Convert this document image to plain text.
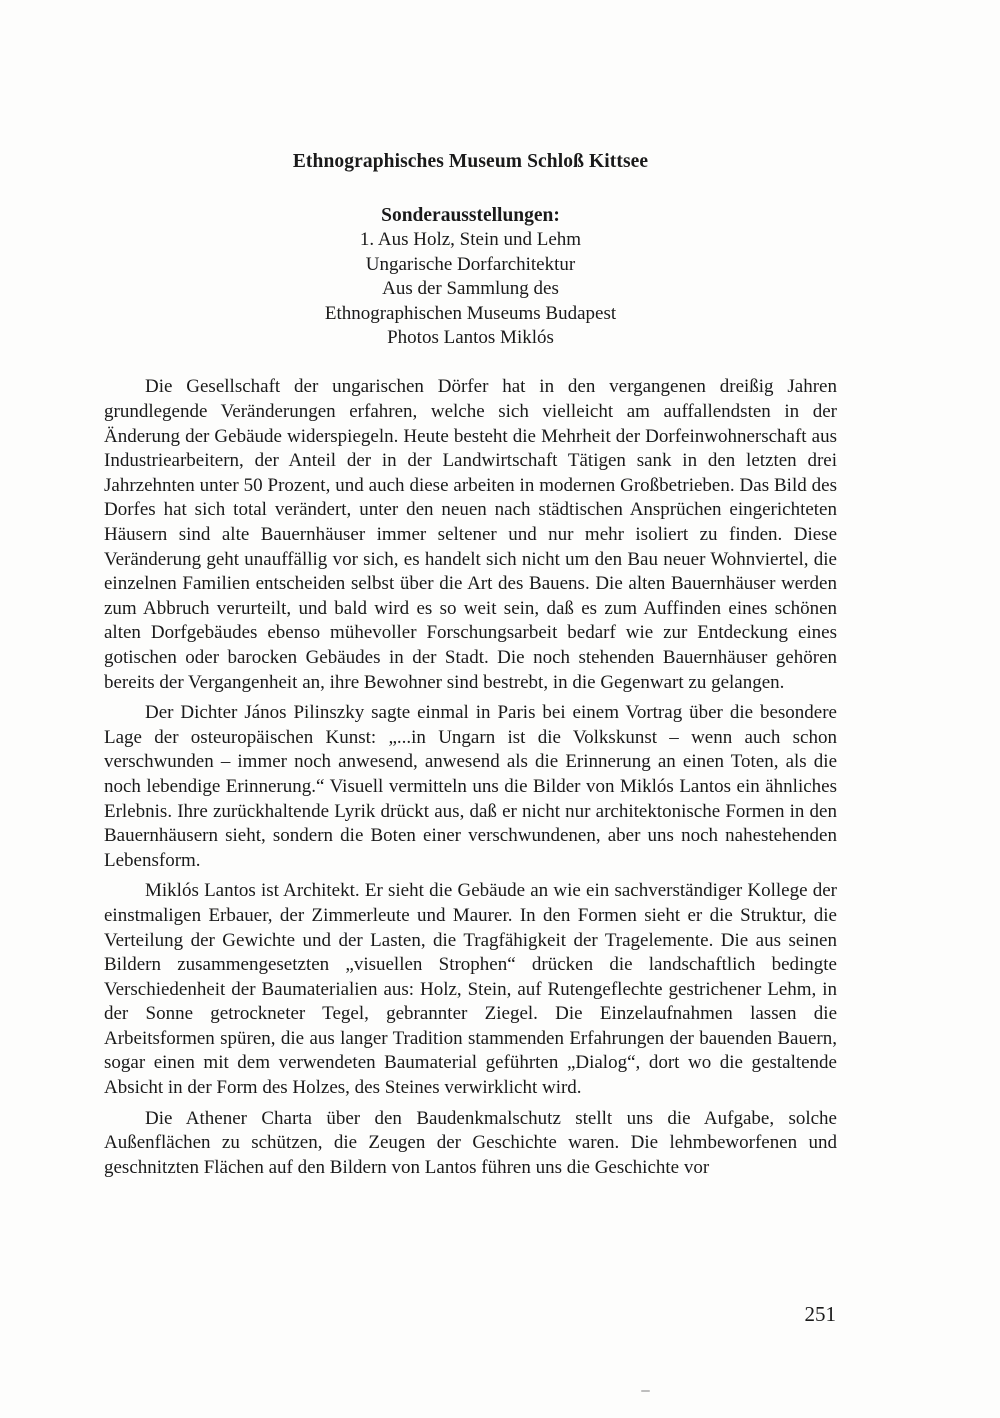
Ethnographisches Museum Schloß Kittsee
Sonderausstellungen:
1. Aus Holz, Stein und Lehm
Ungarische Dorfarchitektur
Aus der Sammlung des
Ethnographischen Museums Budapest
Photos Lantos Miklós

Die Gesellschaft der ungarischen Dörfer hat in den vergangenen dreißig Jahren grundlegende Veränderungen erfahren, welche sich vielleicht am auffallendsten in der Änderung der Gebäude widerspiegeln. Heute besteht die Mehrheit der Dorfeinwohnerschaft aus Industriearbeitern, der Anteil der in der Landwirtschaft Tätigen sank in den letzten drei Jahrzehnten unter 50 Prozent, und auch diese arbeiten in modernen Großbetrieben. Das Bild des Dorfes hat sich total verändert, unter den neuen nach städtischen Ansprüchen eingerichteten Häusern sind alte Bauernhäuser immer seltener und nur mehr isoliert zu finden. Diese Veränderung geht unauffällig vor sich, es handelt sich nicht um den Bau neuer Wohnviertel, die einzelnen Familien entscheiden selbst über die Art des Bauens. Die alten Bauernhäuser werden zum Abbruch verurteilt, und bald wird es so weit sein, daß es zum Auffinden eines schönen alten Dorfgebäudes ebenso mühevoller Forschungsarbeit bedarf wie zur Entdeckung eines gotischen oder barocken Gebäudes in der Stadt. Die noch stehenden Bauernhäuser gehören bereits der Vergangenheit an, ihre Bewohner sind bestrebt, in die Gegenwart zu gelangen.

Der Dichter János Pilinszky sagte einmal in Paris bei einem Vortrag über die besondere Lage der osteuropäischen Kunst: „...in Ungarn ist die Volkskunst – wenn auch schon verschwunden – immer noch anwesend, anwesend als die Erinnerung an einen Toten, als die noch lebendige Erinnerung.“ Visuell vermitteln uns die Bilder von Miklós Lantos ein ähnliches Erlebnis. Ihre zurückhaltende Lyrik drückt aus, daß er nicht nur architektonische Formen in den Bauernhäusern sieht, sondern die Boten einer verschwundenen, aber uns noch nahestehenden Lebensform.

Miklós Lantos ist Architekt. Er sieht die Gebäude an wie ein sachverständiger Kollege der einstmaligen Erbauer, der Zimmerleute und Maurer. In den Formen sieht er die Struktur, die Verteilung der Gewichte und der Lasten, die Tragfähigkeit der Tragelemente. Die aus seinen Bildern zusammengesetzten „visuellen Strophen“ drücken die landschaftlich bedingte Verschiedenheit der Baumaterialien aus: Holz, Stein, auf Rutengeflechte gestrichener Lehm, in der Sonne getrockneter Tegel, gebrannter Ziegel. Die Einzelaufnahmen lassen die Arbeitsformen spüren, die aus langer Tradition stammenden Erfahrungen der bauenden Bauern, sogar einen mit dem verwendeten Baumaterial geführten „Dialog“, dort wo die gestaltende Absicht in der Form des Holzes, des Steines verwirklicht wird.

Die Athener Charta über den Baudenkmalschutz stellt uns die Aufgabe, solche Außenflächen zu schützen, die Zeugen der Geschichte waren. Die lehmbeworfenen und geschnitzten Flächen auf den Bildern von Lantos führen uns die Geschichte vor

251
